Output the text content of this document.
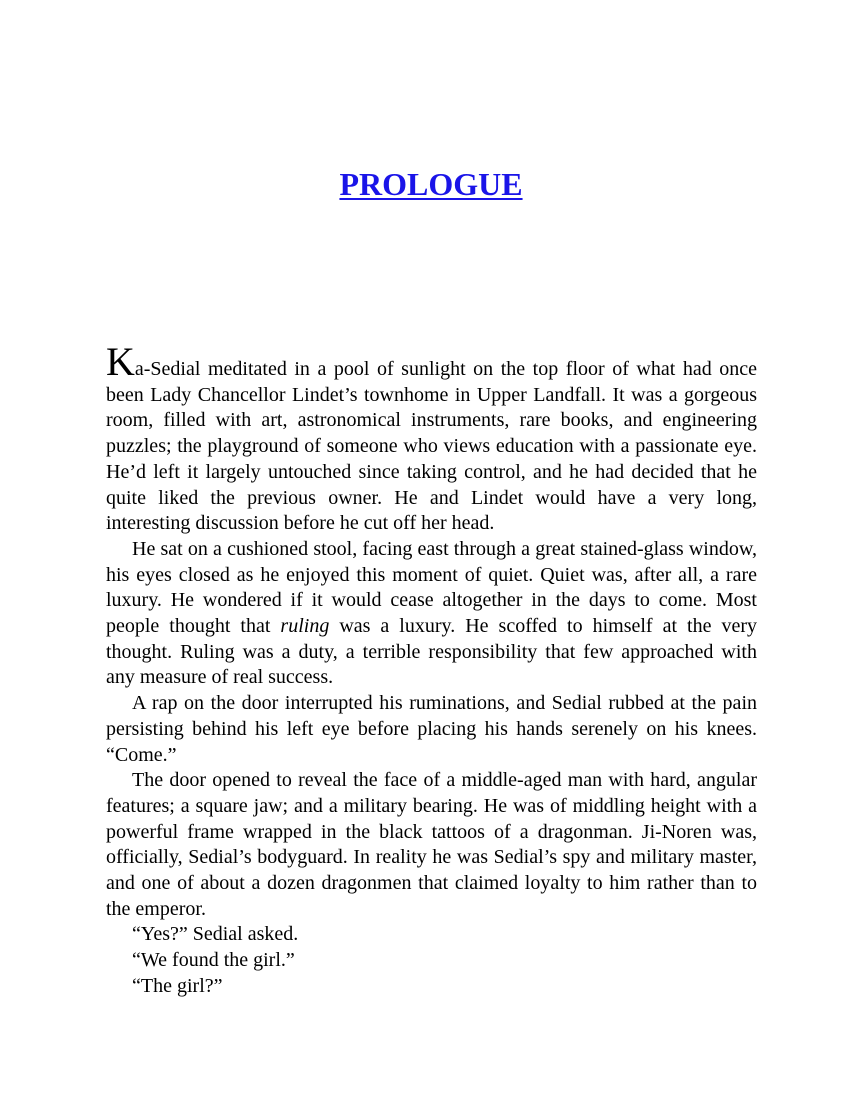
PROLOGUE

Ka-Sedial meditated in a pool of sunlight on the top floor of what had once been Lady Chancellor Lindet’s townhome in Upper Landfall. It was a gorgeous room, filled with art, astronomical instruments, rare books, and engineering puzzles; the playground of someone who views education with a passionate eye. He’d left it largely untouched since taking control, and he had decided that he quite liked the previous owner. He and Lindet would have a very long, interesting discussion before he cut off her head.

He sat on a cushioned stool, facing east through a great stained-glass window, his eyes closed as he enjoyed this moment of quiet. Quiet was, after all, a rare luxury. He wondered if it would cease altogether in the days to come. Most people thought that ruling was a luxury. He scoffed to himself at the very thought. Ruling was a duty, a terrible responsibility that few approached with any measure of real success.

A rap on the door interrupted his ruminations, and Sedial rubbed at the pain persisting behind his left eye before placing his hands serenely on his knees. “Come.”

The door opened to reveal the face of a middle-aged man with hard, angular features; a square jaw; and a military bearing. He was of middling height with a powerful frame wrapped in the black tattoos of a dragonman. Ji-Noren was, officially, Sedial’s bodyguard. In reality he was Sedial’s spy and military master, and one of about a dozen dragonmen that claimed loyalty to him rather than to the emperor.

“Yes?” Sedial asked.

“We found the girl.”

“The girl?”
